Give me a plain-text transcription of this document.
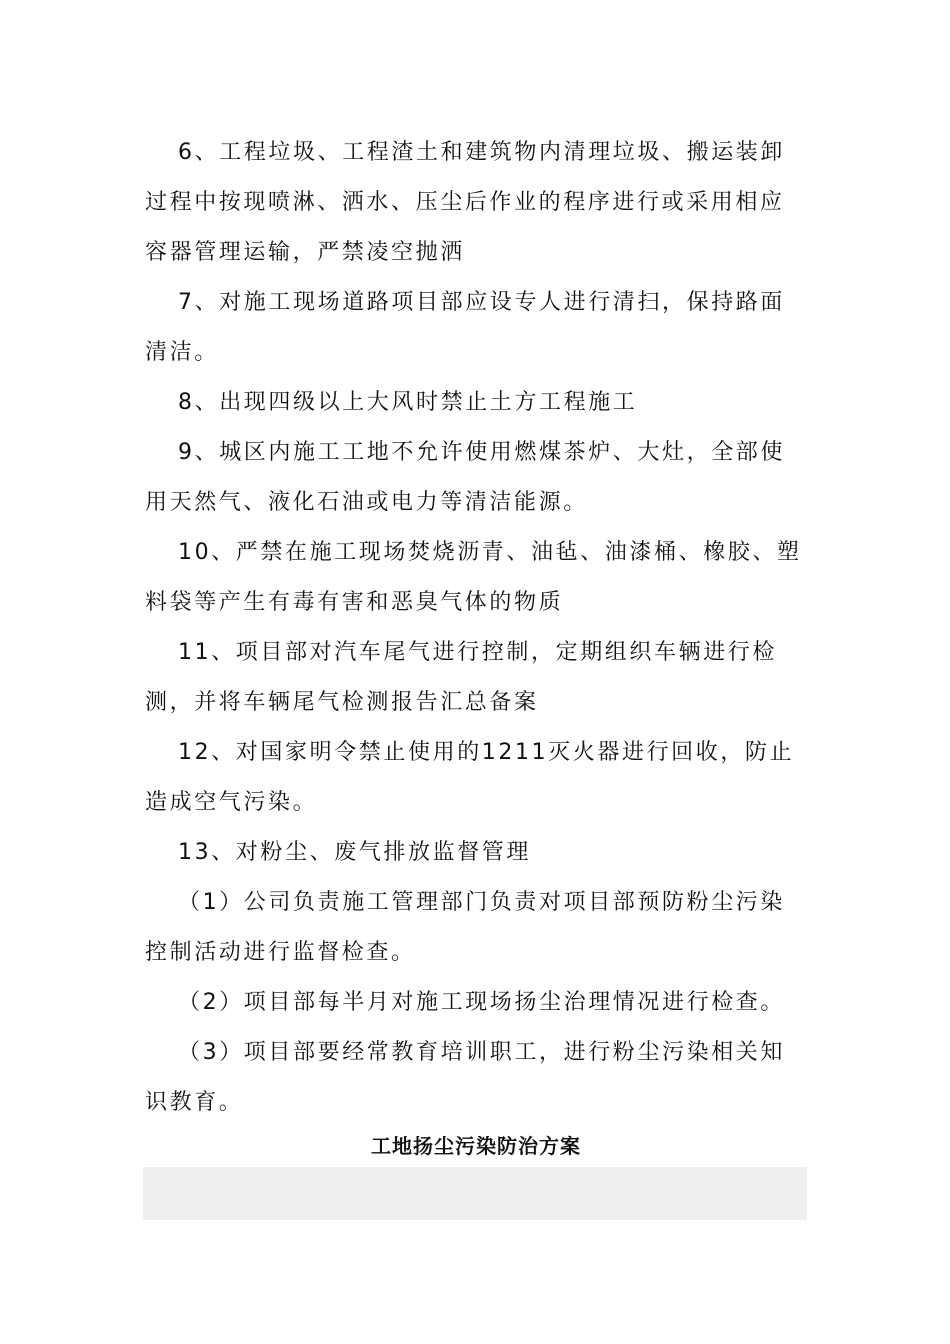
6、工程垃圾、工程渣土和建筑物内清理垃圾、搬运装卸过程中按现喷淋、洒水、压尘后作业的程序进行或采用相应容器管理运输，严禁凌空抛洒

7、对施工现场道路项目部应设专人进行清扫，保持路面清洁。

8、出现四级以上大风时禁止土方工程施工

9、城区内施工工地不允许使用燃煤茶炉、大灶，全部使用天然气、液化石油或电力等清洁能源。

10、严禁在施工现场焚烧沥青、油毡、油漆桶、橡胶、塑料袋等产生有毒有害和恶臭气体的物质

11、项目部对汽车尾气进行控制，定期组织车辆进行检测，并将车辆尾气检测报告汇总备案

12、对国家明令禁止使用的1211灭火器进行回收，防止造成空气污染。

13、对粉尘、废气排放监督管理

（1）公司负责施工管理部门负责对项目部预防粉尘污染控制活动进行监督检查。

（2）项目部每半月对施工现场扬尘治理情况进行检查。

（3）项目部要经常教育培训职工，进行粉尘污染相关知识教育。

工地扬尘污染防治方案
